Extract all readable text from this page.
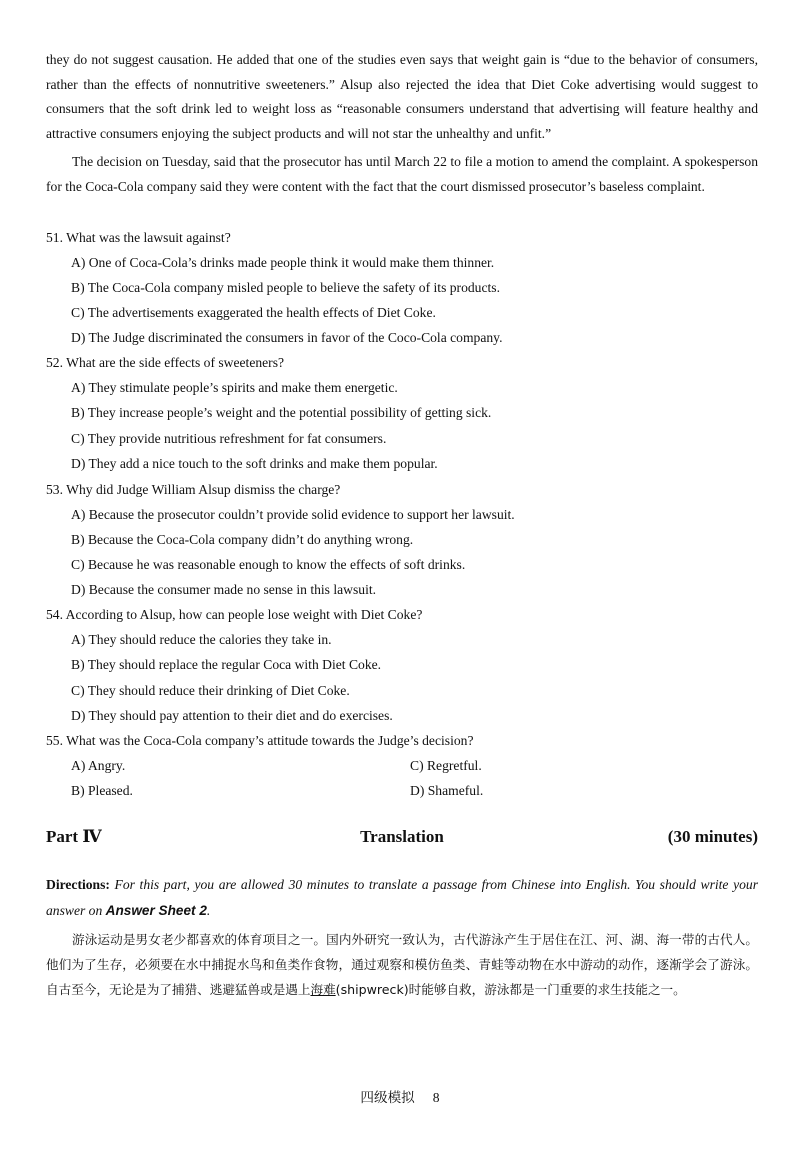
they do not suggest causation. He added that one of the studies even says that weight gain is “due to the behavior of consumers, rather than the effects of nonnutritive sweeteners.” Alsup also rejected the idea that Diet Coke advertising would suggest to consumers that the soft drink led to weight loss as “reasonable consumers understand that advertising will feature healthy and attractive consumers enjoying the subject products and will not star the unhealthy and unfit.”
The decision on Tuesday, said that the prosecutor has until March 22 to file a motion to amend the complaint. A spokesperson for the Coca-Cola company said they were content with the fact that the court dismissed prosecutor’s baseless complaint.
51. What was the lawsuit against?
A) One of Coca-Cola’s drinks made people think it would make them thinner.
B) The Coca-Cola company misled people to believe the safety of its products.
C) The advertisements exaggerated the health effects of Diet Coke.
D) The Judge discriminated the consumers in favor of the Coco-Cola company.
52. What are the side effects of sweeteners?
A) They stimulate people’s spirits and make them energetic.
B) They increase people’s weight and the potential possibility of getting sick.
C) They provide nutritious refreshment for fat consumers.
D) They add a nice touch to the soft drinks and make them popular.
53. Why did Judge William Alsup dismiss the charge?
A) Because the prosecutor couldn’t provide solid evidence to support her lawsuit.
B) Because the Coca-Cola company didn’t do anything wrong.
C) Because he was reasonable enough to know the effects of soft drinks.
D) Because the consumer made no sense in this lawsuit.
54. According to Alsup, how can people lose weight with Diet Coke?
A) They should reduce the calories they take in.
B) They should replace the regular Coca with Diet Coke.
C) They should reduce their drinking of Diet Coke.
D) They should pay attention to their diet and do exercises.
55. What was the Coca-Cola company’s attitude towards the Judge’s decision?
A) Angry.	C) Regretful.
B) Pleased.	D) Shameful.
Translation
Part Ⅳ	(30 minutes)
Directions: For this part, you are allowed 30 minutes to translate a passage from Chinese into English. You should write your answer on Answer Sheet 2.
游泳运动是男女老少都喜欢的体育项目之一。国内外研究一致认为，古代游泳产生于居住在江、河、湖、海一带的古代人。他们为了生存，必须要在水中捕捉水鸟和鱼类作食物，通过观察和模仿鱼类、青蛙等动物在水中游动的动作，逐渐学会了游泳。自古至今，无论是为了捕猎、逃避猛兽或是遇上海难(shipwreck)时能够自救，游泳都是一门重要的求生技能之一。
四级模拟 8
